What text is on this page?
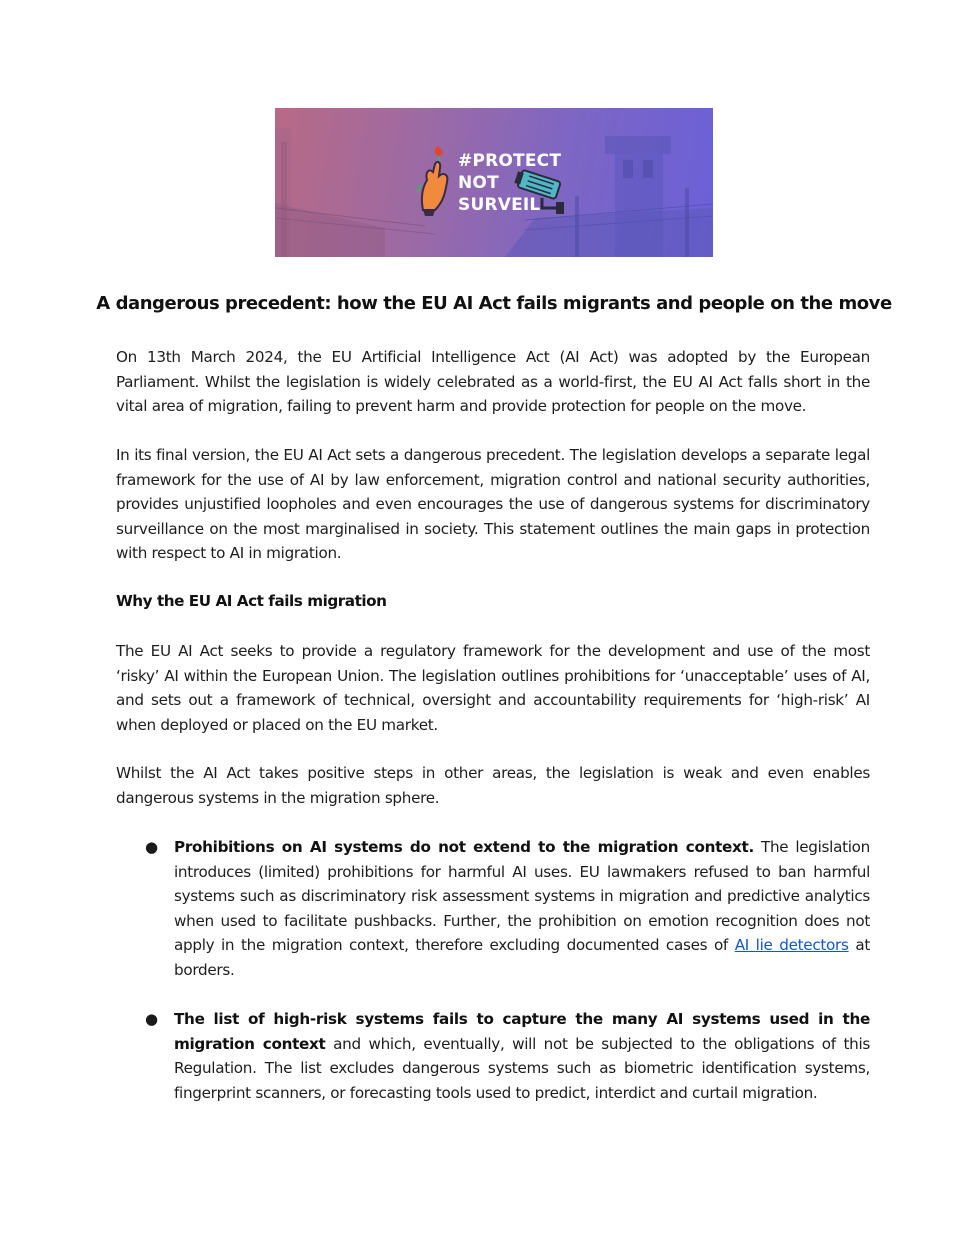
#PROTECT
NOT
SURVEIL
A dangerous precedent: how the EU AI Act fails migrants and people on the move
On 13th March 2024, the EU Artificial Intelligence Act (AI Act) was adopted by the European Parliament. Whilst the legislation is widely celebrated as a world-first, the EU AI Act falls short in the vital area of migration, failing to prevent harm and provide protection for people on the move.
In its final version, the EU AI Act sets a dangerous precedent. The legislation develops a separate legal framework for the use of AI by law enforcement, migration control and national security authorities, provides unjustified loopholes and even encourages the use of dangerous systems for discriminatory surveillance on the most marginalised in society. This statement outlines the main gaps in protection with respect to AI in migration.
Why the EU AI Act fails migration
The EU AI Act seeks to provide a regulatory framework for the development and use of the most ‘risky’ AI within the European Union. The legislation outlines prohibitions for ‘unacceptable’ uses of AI, and sets out a framework of technical, oversight and accountability requirements for ‘high-risk’ AI when deployed or placed on the EU market.
Whilst the AI Act takes positive steps in other areas, the legislation is weak and even enables dangerous systems in the migration sphere.
●	Prohibitions on AI systems do not extend to the migration context. The legislation introduces (limited) prohibitions for harmful AI uses. EU lawmakers refused to ban harmful systems such as discriminatory risk assessment systems in migration and predictive analytics when used to facilitate pushbacks. Further, the prohibition on emotion recognition does not apply in the migration context, therefore excluding documented cases of AI lie detectors at borders.
●	The list of high-risk systems fails to capture the many AI systems used in the migration context and which, eventually, will not be subjected to the obligations of this Regulation. The list excludes dangerous systems such as biometric identification systems, fingerprint scanners, or forecasting tools used to predict, interdict and curtail migration.
